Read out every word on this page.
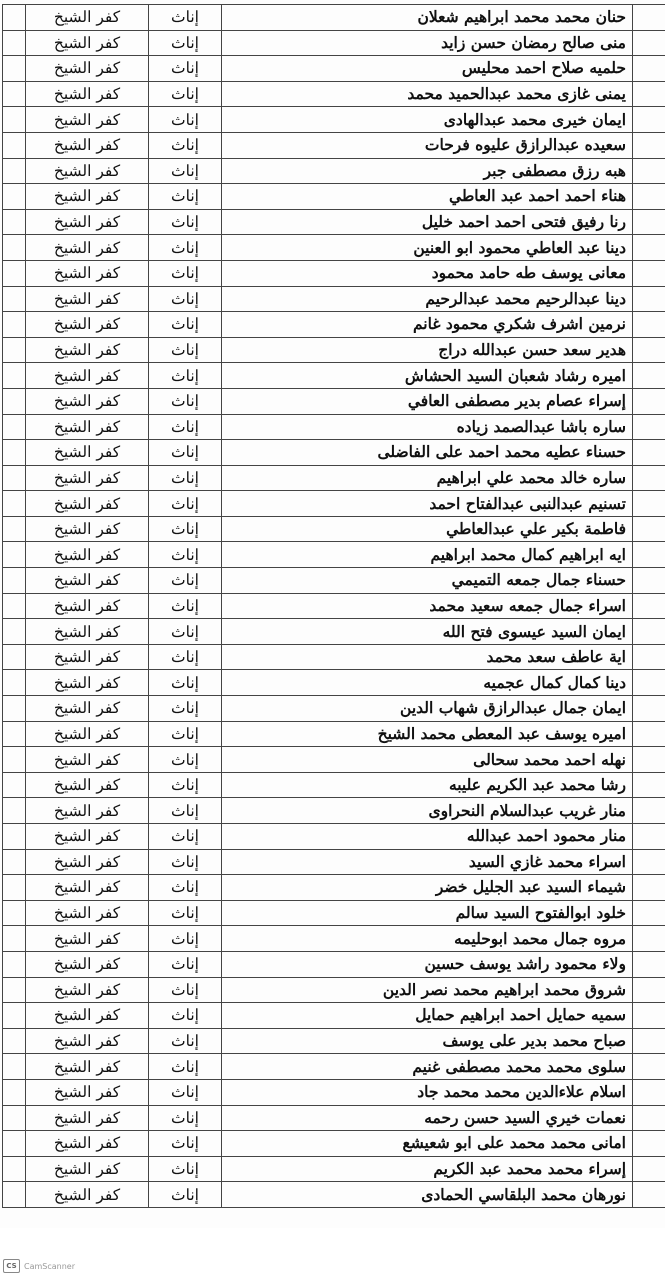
	حنان محمد محمد ابراهيم شعلان	إناث	كفر الشيخ	
	منى صالح رمضان حسن زايد	إناث	كفر الشيخ	
	حلميه صلاح احمد محليس	إناث	كفر الشيخ	
	يمنى غازى محمد عبدالحميد محمد	إناث	كفر الشيخ	
	ايمان خيرى محمد عبدالهادى	إناث	كفر الشيخ	
	سعيده عبدالرازق عليوه فرحات	إناث	كفر الشيخ	
	هبه رزق مصطفى جبر	إناث	كفر الشيخ	
	هناء احمد احمد عبد العاطي	إناث	كفر الشيخ	
	رنا رفيق فتحى احمد احمد خليل	إناث	كفر الشيخ	
	دينا عبد العاطي محمود ابو العنين	إناث	كفر الشيخ	
	معانى يوسف طه حامد محمود	إناث	كفر الشيخ	
	دينا عبدالرحيم محمد عبدالرحيم	إناث	كفر الشيخ	
	نرمين اشرف شكري محمود غانم	إناث	كفر الشيخ	
	هدير سعد حسن عبدالله دراج	إناث	كفر الشيخ	
	اميره رشاد شعبان السيد الحشاش	إناث	كفر الشيخ	
	إسراء عصام بدير مصطفى العافي	إناث	كفر الشيخ	
	ساره باشا عبدالصمد زياده	إناث	كفر الشيخ	
	حسناء عطيه محمد احمد على الفاضلى	إناث	كفر الشيخ	
	ساره خالد محمد علي ابراهيم	إناث	كفر الشيخ	
	تسنيم عبدالنبى عبدالفتاح احمد	إناث	كفر الشيخ	
	فاطمة بكير علي عبدالعاطي	إناث	كفر الشيخ	
	ايه ابراهيم كمال محمد ابراهيم	إناث	كفر الشيخ	
	حسناء جمال جمعه التميمي	إناث	كفر الشيخ	
	اسراء جمال جمعه سعيد محمد	إناث	كفر الشيخ	
	ايمان السيد عيسوى فتح الله	إناث	كفر الشيخ	
	اية عاطف سعد محمد	إناث	كفر الشيخ	
	دينا كمال كمال عجميه	إناث	كفر الشيخ	
	ايمان جمال عبدالرازق شهاب الدين	إناث	كفر الشيخ	
	اميره يوسف عبد المعطى محمد الشيخ	إناث	كفر الشيخ	
	نهله احمد محمد سحالى	إناث	كفر الشيخ	
	رشا محمد عبد الكريم عليبه	إناث	كفر الشيخ	
	منار غريب عبدالسلام النحراوى	إناث	كفر الشيخ	
	منار محمود احمد عبدالله	إناث	كفر الشيخ	
	اسراء محمد غازي السيد	إناث	كفر الشيخ	
	شيماء السيد عبد الجليل خضر	إناث	كفر الشيخ	
	خلود ابوالفتوح السيد سالم	إناث	كفر الشيخ	
	مروه جمال محمد ابوحليمه	إناث	كفر الشيخ	
	ولاء محمود راشد يوسف حسين	إناث	كفر الشيخ	
	شروق محمد ابراهيم محمد نصر الدين	إناث	كفر الشيخ	
	سميه حمايل احمد ابراهيم حمايل	إناث	كفر الشيخ	
	صباح محمد بدير على يوسف	إناث	كفر الشيخ	
	سلوى محمد محمد مصطفى غنيم	إناث	كفر الشيخ	
	اسلام علاءالدين محمد محمد جاد	إناث	كفر الشيخ	
	نعمات خيري السيد حسن رحمه	إناث	كفر الشيخ	
	امانى محمد محمد على ابو شعيشع	إناث	كفر الشيخ	
	إسراء محمد محمد عبد الكريم	إناث	كفر الشيخ	
	نورهان محمد البلقاسي الحمادى	إناث	كفر الشيخ	
CS CamScanner
